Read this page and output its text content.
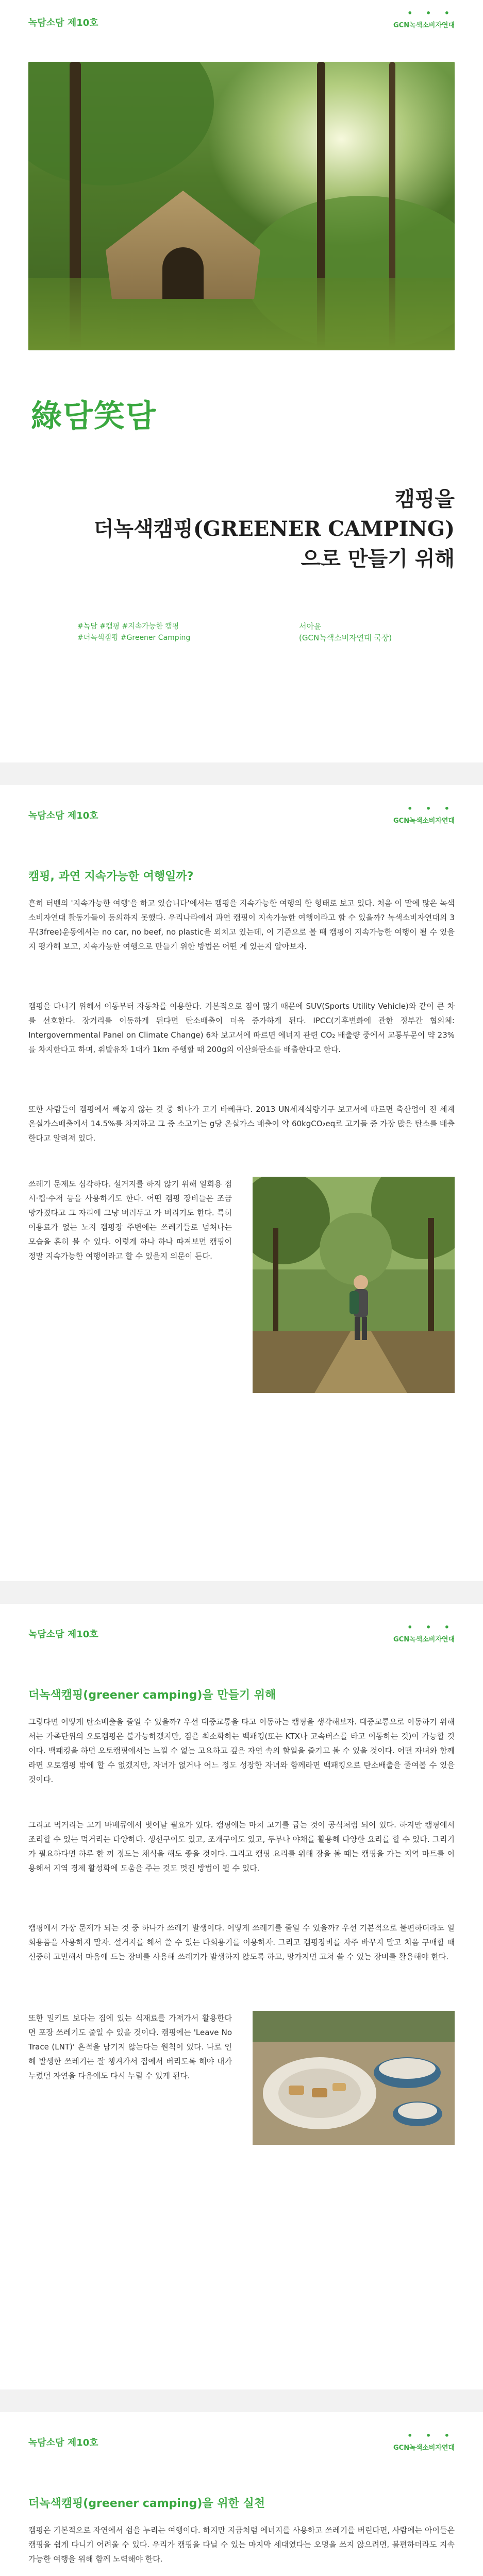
녹담소담 제10호
• • •
GCN녹색소비자연대
綠담笑담
캠핑을
더녹색캠핑(GREENER CAMPING)
으로 만들기 위해
#녹담 #캠핑 #지속가능한 캠핑
#더녹색캠핑 #Greener Camping
서아윤
(GCN녹색소비자연대 국장)
녹담소담 제10호
• • •
GCN녹색소비자연대
캠핑, 과연 지속가능한 여행일까?
흔히 터벤의 '지속가능한 여행'을 하고 있습니다'에서는 캠핑을 지속가능한 여행의 한 형태로 보고 있다. 처음 이 말에 많은 녹색소비자연대 활동가들이 동의하지 못했다. 우리나라에서 과연 캠핑이 지속가능한 여행이라고 할 수 있을까? 녹색소비자연대의 3무(3free)운동에서는 no car, no beef, no plastic을 외치고 있는데, 이 기준으로 볼 때 캠핑이 지속가능한 여행이 될 수 있을지 평가해 보고, 지속가능한 여행으로 만들기 위한 방법은 어떤 게 있는지 알아보자.
캠핑을 다니기 위해서 이동부터 자동차를 이용한다. 기본적으로 짐이 많기 때문에 SUV(Sports Utility Vehicle)와 같이 큰 차를 선호한다. 장거리를 이동하게 된다면 탄소배출이 더욱 증가하게 된다. IPCC(기후변화에 관한 정부간 협의체: Intergovernmental Panel on Climate Change) 6차 보고서에 따르면 에너지 관련 CO₂ 배출량 중에서 교통부문이 약 23%를 차지한다고 하며, 휘발유차 1대가 1km 주행할 때 200g의 이산화탄소를 배출한다고 한다.
또한 사람들이 캠핑에서 빼놓지 않는 것 중 하나가 고기 바베큐다. 2013 UN세계식량기구 보고서에 따르면 축산업이 전 세계 온실가스배출에서 14.5%를 차지하고 그 중 소고기는 g당 온실가스 배출이 약 60kgCO₂eq로 고기들 중 가장 많은 탄소를 배출한다고 알려져 있다.
쓰레기 문제도 심각하다. 설거지를 하지 않기 위해 일회용 접시·컵·수저 등을 사용하기도 한다. 어떤 캠핑 장비들은 조금 망가졌다고 그 자리에 그냥 버려두고 가 버리기도 한다. 특히 이용료가 없는 노지 캠핑장 주변에는 쓰레기들로 넘쳐나는 모습을 흔히 볼 수 있다. 이렇게 하나 하나 따져보면 캠핑이 정말 지속가능한 여행이라고 할 수 있을지 의문이 든다.
녹담소담 제10호
• • •
GCN녹색소비자연대
더녹색캠핑(greener camping)을 만들기 위해
그렇다면 어떻게 탄소배출을 줄일 수 있을까? 우선 대중교통을 타고 이동하는 캠핑을 생각해보자. 대중교통으로 이동하기 위해서는 가족단위의 오토캠핑은 불가능하겠지만, 짐을 최소화하는 백패킹(또는 KTX나 고속버스를 타고 이동하는 것)이 가능할 것이다. 백패킹을 하면 오토캠핑에서는 느낄 수 없는 고요하고 깊은 자연 속의 할일을 즐기고 볼 수 있을 것이다. 어떤 자녀와 함께라면 오토캠핑 밖에 할 수 없겠지만, 자녀가 없거나 어느 정도 성장한 자녀와 함께라면 백패킹으로 탄소배출을 줄여볼 수 있을 것이다.
그리고 먹거리는 고기 바베큐에서 벗어날 필요가 있다. 캠핑에는 마치 고기를 굽는 것이 공식처럼 되어 있다. 하지만 캠핑에서 조리할 수 있는 먹거리는 다양하다. 생선구이도 있고, 조개구이도 있고, 두부나 야채를 활용해 다양한 요리를 할 수 있다. 그리기 가 필요하다면 하루 한 끼 정도는 채식을 해도 좋을 것이다. 그리고 캠핑 요리를 위해 장을 볼 때는 캠핑을 가는 지역 마트를 이용해서 지역 경제 활성화에 도움을 주는 것도 멋진 방법이 될 수 있다.
캠핑에서 가장 문제가 되는 것 중 하나가 쓰레기 발생이다. 어떻게 쓰레기를 줄일 수 있을까? 우선 기본적으로 불편하더라도 일회용품을 사용하지 말자. 설거지를 해서 쓸 수 있는 다회용기를 이용하자. 그리고 캠핑장비를 자주 바꾸지 말고 처음 구매할 때 신중히 고민해서 마음에 드는 장비를 사용해 쓰레기가 발생하지 않도록 하고, 망가지면 고쳐 쓸 수 있는 장비를 활용해야 한다.
또한 밀키트 보다는 집에 있는 식재료를 가져가서 활용한다면 포장 쓰레기도 줄일 수 있을 것이다. 캠핑에는 'Leave No Trace (LNT)' 흔적을 남기지 않는다는 원칙이 있다. 나로 인해 발생한 쓰레기는 잘 챙겨가서 집에서 버리도록 해야 내가 누렸던 자연을 다음에도 다시 누릴 수 있게 된다.
녹담소담 제10호
• • •
GCN녹색소비자연대
더녹색캠핑(greener camping)을 위한 실천
캠핑은 기본적으로 자연에서 쉼을 누리는 여행이다. 하지만 지금처럼 에너지를 사용하고 쓰레기를 버린다면, 사람에는 아이들은 캠핑을 쉽게 다니기 어려울 수 있다. 우리가 캠핑을 다닐 수 있는 마지막 세대였다는 오명을 쓰지 않으려면, 불편하더라도 지속가능한 여행을 위해 함께 노력해야 한다.
